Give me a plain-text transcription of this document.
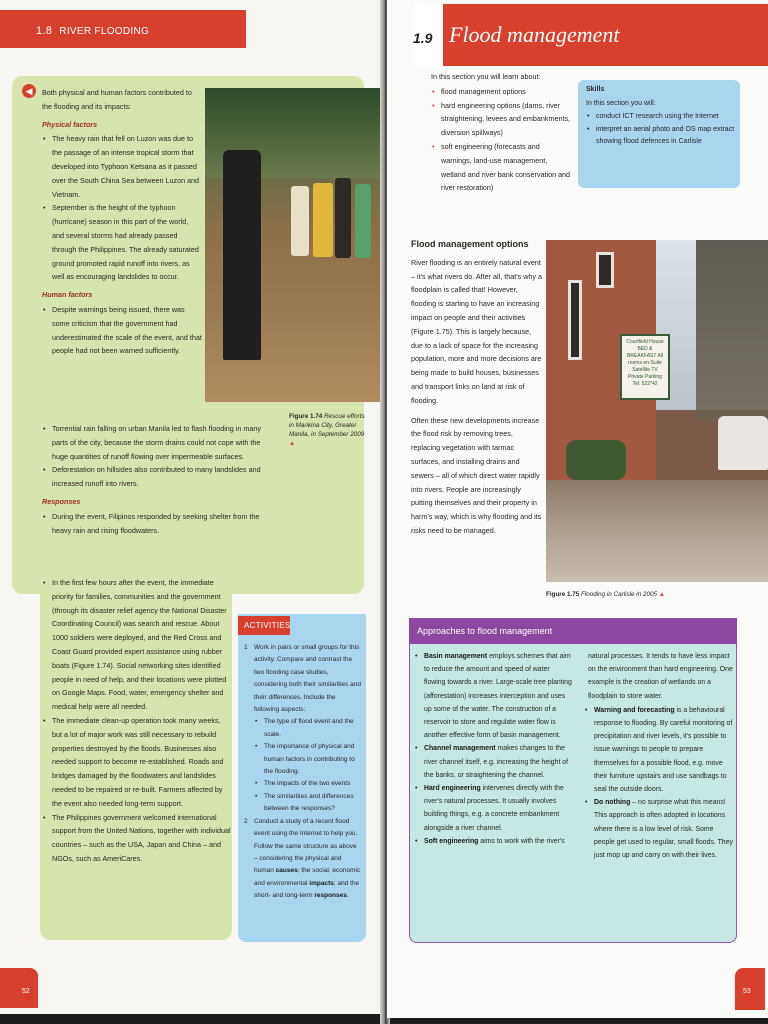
1.8 RIVER FLOODING
◀	Both physical and human factors contributed to the flooding and its impacts:

Physical factors

• The heavy rain that fell on Luzon was due to the passage of an intense tropical storm that developed into Typhoon Ketsana as it passed over the South China Sea between Luzon and Vietnam.
• September is the height of the typhoon (hurricane) season in this part of the world, and several storms had already passed through the Philippines. The already saturated ground promoted rapid runoff into rivers, as well as encouraging landslides to occur.

Human factors

• Despite warnings being issued, there was some criticism that the government had underestimated the scale of the event, and that people had not been warned sufficiently.
• Torrential rain falling on urban Manila led to flash flooding in many parts of the city, because the storm drains could not cope with the huge quantities of runoff flowing over impermeable surfaces.
• Deforestation on hillsides also contributed to many landslides and increased runoff into rivers.

Responses

• During the event, Filipinos responded by seeking shelter from the heavy rain and rising floodwaters.
• In the first few hours after the event, the immediate priority for families, communities and the government (through its disaster relief agency the National Disaster Coordinating Council) was search and rescue. About 1000 soldiers were deployed, and the Red Cross and Coast Guard provided expert assistance using rubber boats (Figure 1.74). Social networking sites identified people in need of help, and their locations were plotted on Google Maps. Food, water, emergency shelter and medical help were all needed.
• The immediate clean-up operation took many weeks, but a lot of major work was still necessary to rebuild properties destroyed by the floods. Businesses also needed support to become re-established. Roads and bridges damaged by the floodwaters and landslides needed to be repaired or re-built. Farmers affected by the event also needed long-term support.
• The Philippines government welcomed international support from the United Nations, together with individual countries – such as the USA, Japan and China – and NGOs, such as AmeriCares.
Figure 1.74 Rescue efforts in Marikina City, Greater Manila, in September 2009 ▲
ACTIVITIES
1 Work in pairs or small groups for this activity. Compare and contrast the two flooding case studies, considering both their similarities and their differences. Include the following aspects:
• The type of flood event and the scale.
• The importance of physical and human factors in contributing to the flooding.
• The impacts of the two events
• The similarities and differences between the responses?
2 Conduct a study of a recent flood event using the Internet to help you. Follow the same structure as above – considering the physical and human causes; the social, economic and environmental impacts; and the short- and long-term responses.
52
1.9 Flood management

In this section you will learn about:

• flood management options
• hard engineering options (dams, river straightening, levees and embankments, diversion spillways)
• soft engineering (forecasts and warnings, land-use management, wetland and river bank conservation and river restoration)

Flood management options

River flooding is an entirely natural event – it's what rivers do. After all, that's why a floodplain is called that! However, flooding is starting to have an increasing impact on people and their activities (Figure 1.75). This is largely because, due to a lack of space for the increasing population, more and more decisions are being made to build houses, businesses and transport links on land at risk of flooding.

Often these new developments increase the flood risk by removing trees, replacing vegetation with tarmac surfaces, and installing drains and sewers – all of which direct water rapidly into rivers. People are increasingly putting themselves and their property in harm's way, which is why flooding and its risks need to be managed.

Skills

In this section you will:

• conduct ICT research using the Internet
• interpret an aerial photo and OS map extract showing flood defences in Carlisle
Courtfield House BED & BREAKFAST All rooms en-Suite Satellite TV Private Parking Tel: 522*42
Figure 1.75 Flooding in Carlisle in 2005 ▲
Approaches to flood management
• Basin management employs schemes that aim to reduce the amount and speed of water flowing towards a river. Large-scale tree planting (afforestation) increases interception and uses up some of the water. The construction of a reservoir to store and regulate water flow is another effective form of basin management.
• Channel management makes changes to the river channel itself, e.g. increasing the height of the banks, or straightening the channel.
• Hard engineering intervenes directly with the river's natural processes. It usually involves building things, e.g. a concrete embankment alongside a river channel.
• Soft engineering aims to work with the river's

natural processes. It tends to have less impact on the environment than hard engineering. One example is the creation of wetlands on a floodplain to store water.

• Warning and forecasting is a behavioural response to flooding. By careful monitoring of precipitation and river levels, it's possible to issue warnings to people to prepare themselves for a possible flood, e.g. move their furniture upstairs and use sandbags to seal the outside doors.
• Do nothing – no surprise what this means! This approach is often adopted in locations where there is a low level of risk. Some people get used to regular, small floods. They just mop up and carry on with their lives.
53
